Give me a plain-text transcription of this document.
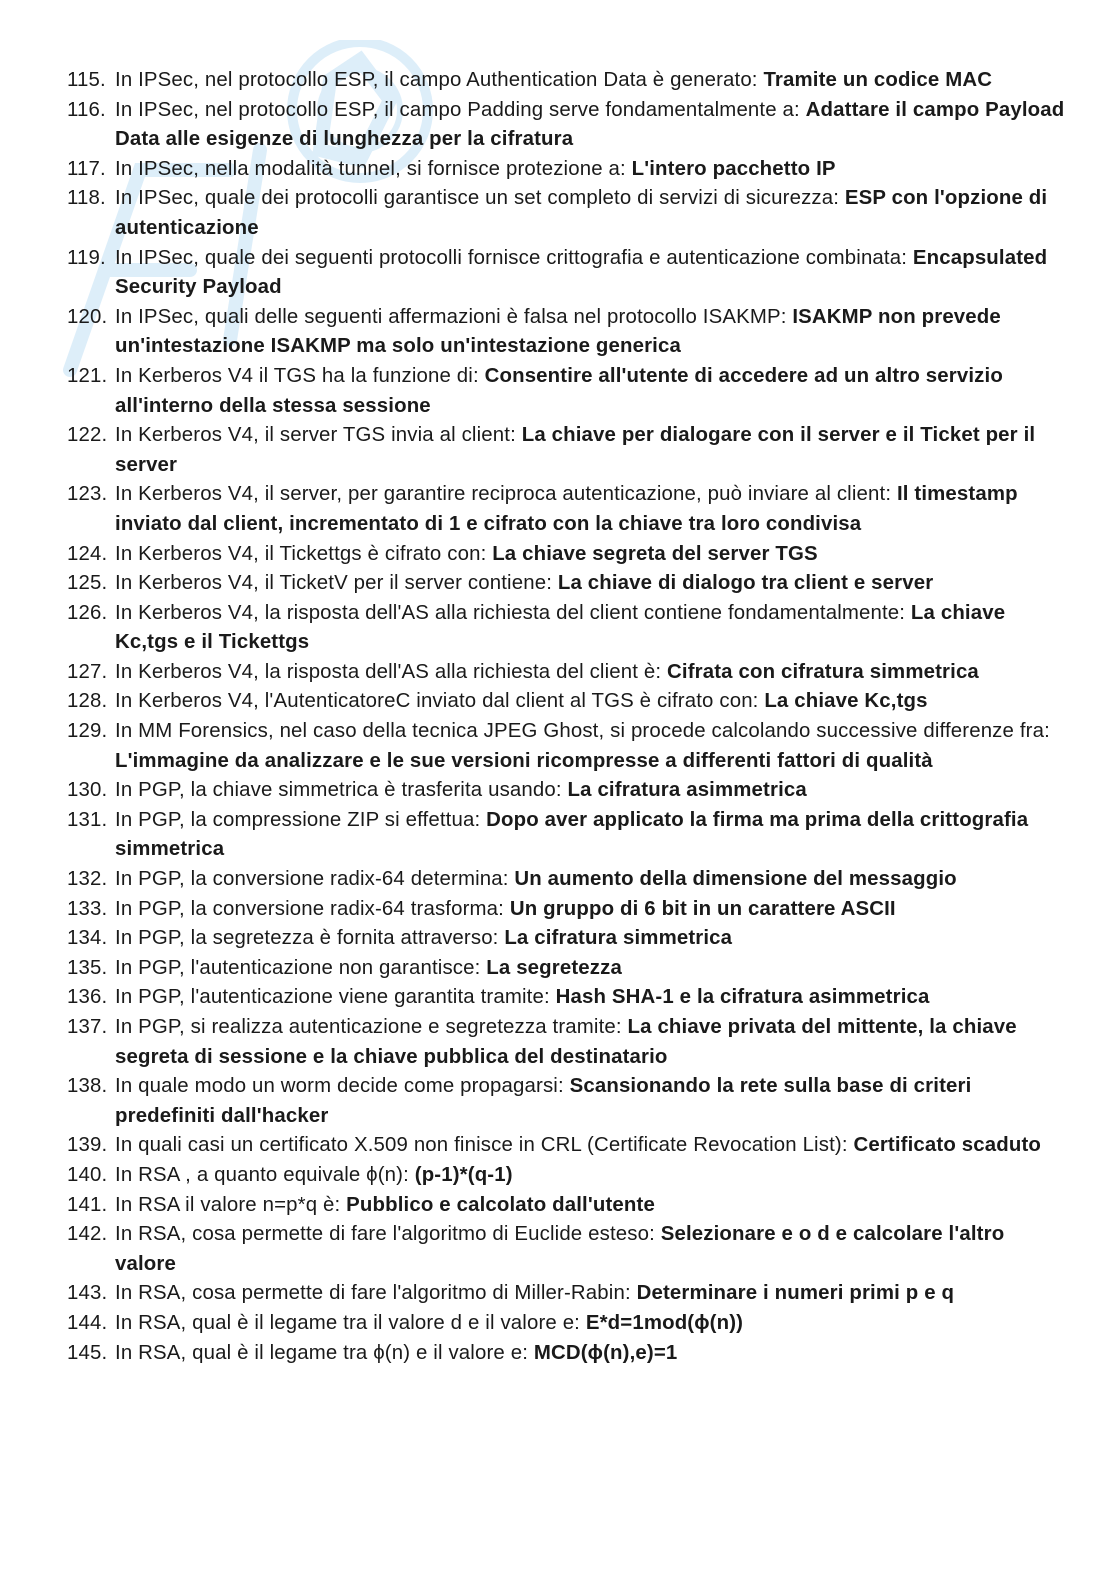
115. In IPSec, nel protocollo ESP, il campo Authentication Data è generato: Tramite un codice MAC
116. In IPSec, nel protocollo ESP, il campo Padding serve fondamentalmente a: Adattare il campo Payload Data alle esigenze di lunghezza per la cifratura
117. In IPSec, nella modalità tunnel, si fornisce protezione a: L'intero pacchetto IP
118. In IPSec, quale dei protocolli garantisce un set completo di servizi di sicurezza: ESP con l'opzione di autenticazione
119. In IPSec, quale dei seguenti protocolli fornisce crittografia e autenticazione combinata: Encapsulated Security Payload
120. In IPSec, quali delle seguenti affermazioni è falsa nel protocollo ISAKMP: ISAKMP non prevede un'intestazione ISAKMP ma solo un'intestazione generica
121. In Kerberos V4 il TGS ha la funzione di: Consentire all'utente di accedere ad un altro servizio all'interno della stessa sessione
122. In Kerberos V4, il server TGS invia al client: La chiave per dialogare con il server e il Ticket per il server
123. In Kerberos V4, il server, per garantire reciproca autenticazione, può inviare al client: Il timestamp inviato dal client, incrementato di 1 e cifrato con la chiave tra loro condivisa
124. In Kerberos V4, il Tickettgs è cifrato con: La chiave segreta del server TGS
125. In Kerberos V4, il TicketV per il server contiene: La chiave di dialogo tra client e server
126. In Kerberos V4, la risposta dell'AS alla richiesta del client contiene fondamentalmente: La chiave Kc,tgs e il Tickettgs
127. In Kerberos V4, la risposta dell'AS alla richiesta del client è: Cifrata con cifratura simmetrica
128. In Kerberos V4, l'AutenticatoreC inviato dal client al TGS è cifrato con: La chiave Kc,tgs
129. In MM Forensics, nel caso della tecnica JPEG Ghost, si procede calcolando successive differenze fra: L'immagine da analizzare e le sue versioni ricompresse a differenti fattori di qualità
130. In PGP, la chiave simmetrica è trasferita usando: La cifratura asimmetrica
131. In PGP, la compressione ZIP si effettua: Dopo aver applicato la firma ma prima della crittografia simmetrica
132. In PGP, la conversione radix-64 determina: Un aumento della dimensione del messaggio
133. In PGP, la conversione radix-64 trasforma: Un gruppo di 6 bit in un carattere ASCII
134. In PGP, la segretezza è fornita attraverso: La cifratura simmetrica
135. In PGP, l'autenticazione non garantisce: La segretezza
136. In PGP, l'autenticazione viene garantita tramite: Hash SHA-1 e la cifratura asimmetrica
137. In PGP, si realizza autenticazione e segretezza tramite: La chiave privata del mittente, la chiave segreta di sessione e la chiave pubblica del destinatario
138. In quale modo un worm decide come propagarsi: Scansionando la rete sulla base di criteri predefiniti dall'hacker
139. In quali casi un certificato X.509 non finisce in CRL (Certificate Revocation List): Certificato scaduto
140. In RSA , a quanto equivale ϕ(n): (p-1)*(q-1)
141. In RSA il valore n=p*q è: Pubblico e calcolato dall'utente
142. In RSA, cosa permette di fare l'algoritmo di Euclide esteso: Selezionare e o d e calcolare l'altro valore
143. In RSA, cosa permette di fare l'algoritmo di Miller-Rabin: Determinare i numeri primi p e q
144. In RSA, qual è il legame tra il valore d e il valore e: E*d=1mod(ϕ(n))
145. In RSA, qual è il legame tra ϕ(n) e il valore e: MCD(ϕ(n),e)=1
